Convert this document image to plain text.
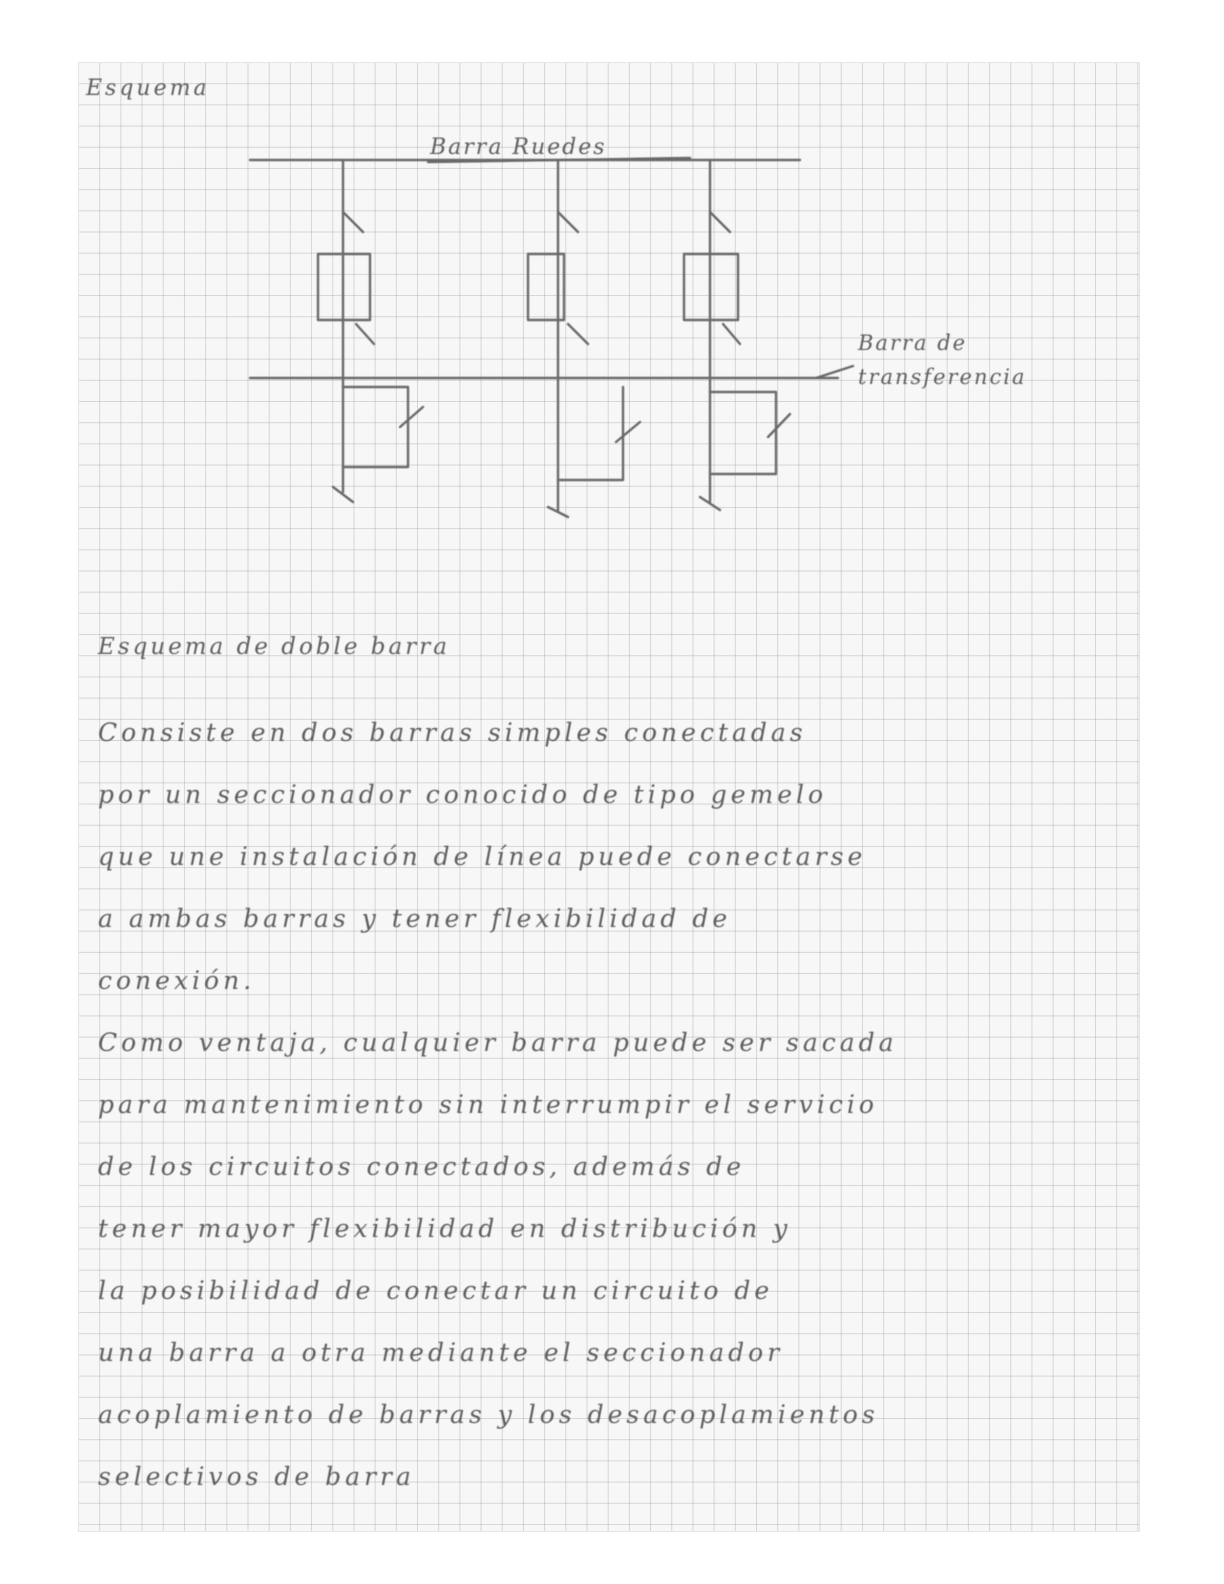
Esquema
Barra Ruedes
Barra de
transferencia
Esquema de doble barra
Consiste en dos barras simples conectadas
por un seccionador conocido de tipo gemelo
que une instalación de línea puede conectarse
a ambas barras y tener flexibilidad de
conexión.
Como ventaja, cualquier barra puede ser sacada
para mantenimiento sin interrumpir el servicio
de los circuitos conectados, además de
tener mayor flexibilidad en distribución y
la posibilidad de conectar un circuito de
una barra a otra mediante el seccionador
acoplamiento de barras y los desacoplamientos
selectivos de barra
